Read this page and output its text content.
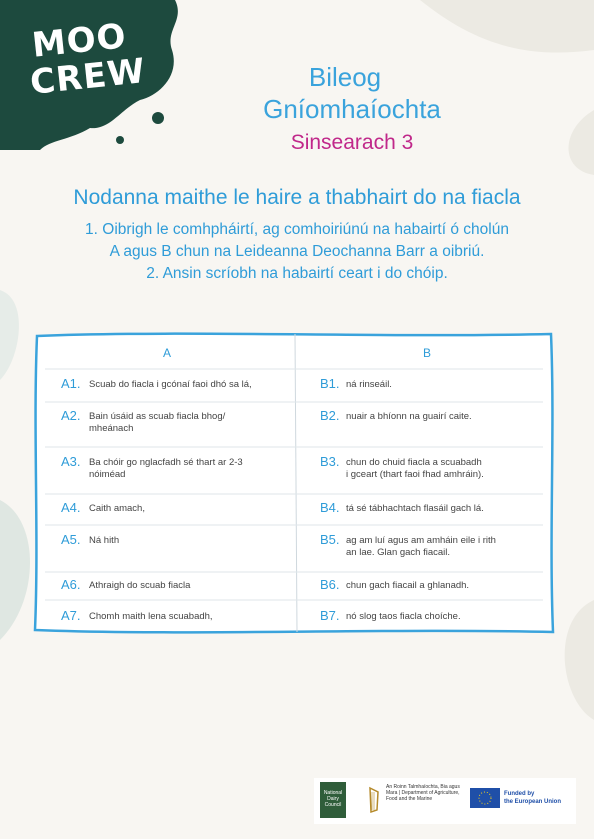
MOO
CREW	Bileog
Gníomhaíochta
Sinsearach 3
Nodanna maithe le haire a thabhairt do na fiacla
1. Oibrigh le comhpháirtí, ag comhoiriúnú na habairtí ó cholún
A agus B chun na Leideanna Deochanna Barr a oibriú.
2. Ansin scríobh na habairtí ceart i do chóip.
A	B
A1. Scuab do fiacla i gcónaí faoi dhó sa lá,	B1. ná rinseáil.
A2. Bain úsáid as scuab fiacla bhog/
mheánach
B2. nuair a bhíonn na guairí caite.
A3. Ba chóir go nglacfadh sé thart ar 2-3
nóiméad
B3. chun do chuid fiacla a scuabadh
i gceart (thart faoi fhad amhráin).
A4. Caith amach,	B4. tá sé tábhachtach flasáil gach lá.
A5. Ná hith	B5. ag am luí agus am amháin eile i rith
an lae. Glan gach fiacail.
A6. Athraigh do scuab fiacla	B6. chun gach fiacail a ghlanadh.
A7. Chomh maith lena scuabadh,	B7. nó slog taos fiacla choíche.
National Dairy Council
An Roinn Talmhaíochta, Bia agus Mara | Department of Agriculture, Food and the Marine
Funded by
the European Union
